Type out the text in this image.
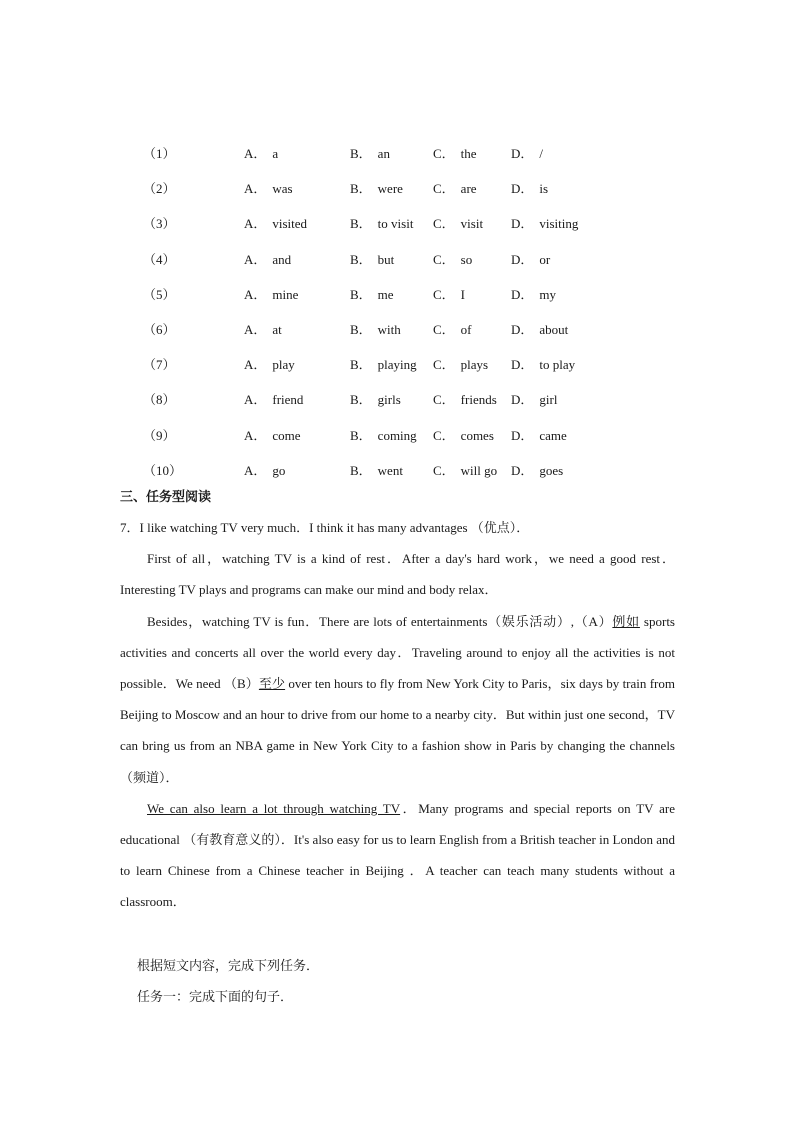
（1）	A． a	B． an	C． the	D． /
（2）	A． was	B． were	C． are	D． is
（3）	A． visited	B． to visit	C． visit	D． visiting
（4）	A． and	B． but	C． so	D． or
（5）	A． mine	B． me	C． I	D． my
（6）	A． at	B． with	C． of	D． about
（7）	A． play	B． playing	C． plays	D． to play
（8）	A． friend	B． girls	C． friends	D． girl
（9）	A． come	B． coming	C． comes	D． came
（10）	A． go	B． went	C． will go	D． goes
三、任务型阅读

7．I like watching TV very much．I think it has many advantages （优点）．

First of all，watching TV is a kind of rest．After a day's hard work，we need a good rest．Interesting TV plays and programs can make our mind and body relax．

Besides，watching TV is fun．There are lots of entertainments（娱乐活动）,（A）例如 sports activities and concerts all over the world every day．Traveling around to enjoy all the activities is not possible．We need （B）至少 over ten hours to fly from New York City to Paris，six days by train from Beijing to Moscow and an hour to drive from our home to a nearby city．But within just one second，TV can bring us from an NBA game in New York City to a fashion show in Paris by changing the channels （频道）．

We can also learn a lot through watching TV．Many programs and special reports on TV are educational （有教育意义的）．It's also easy for us to learn English from a British teacher in London and to learn Chinese from a Chinese teacher in Beijing ．A teacher can teach many students without a classroom．

根据短文内容，完成下列任务．
任务一：完成下面的句子．
